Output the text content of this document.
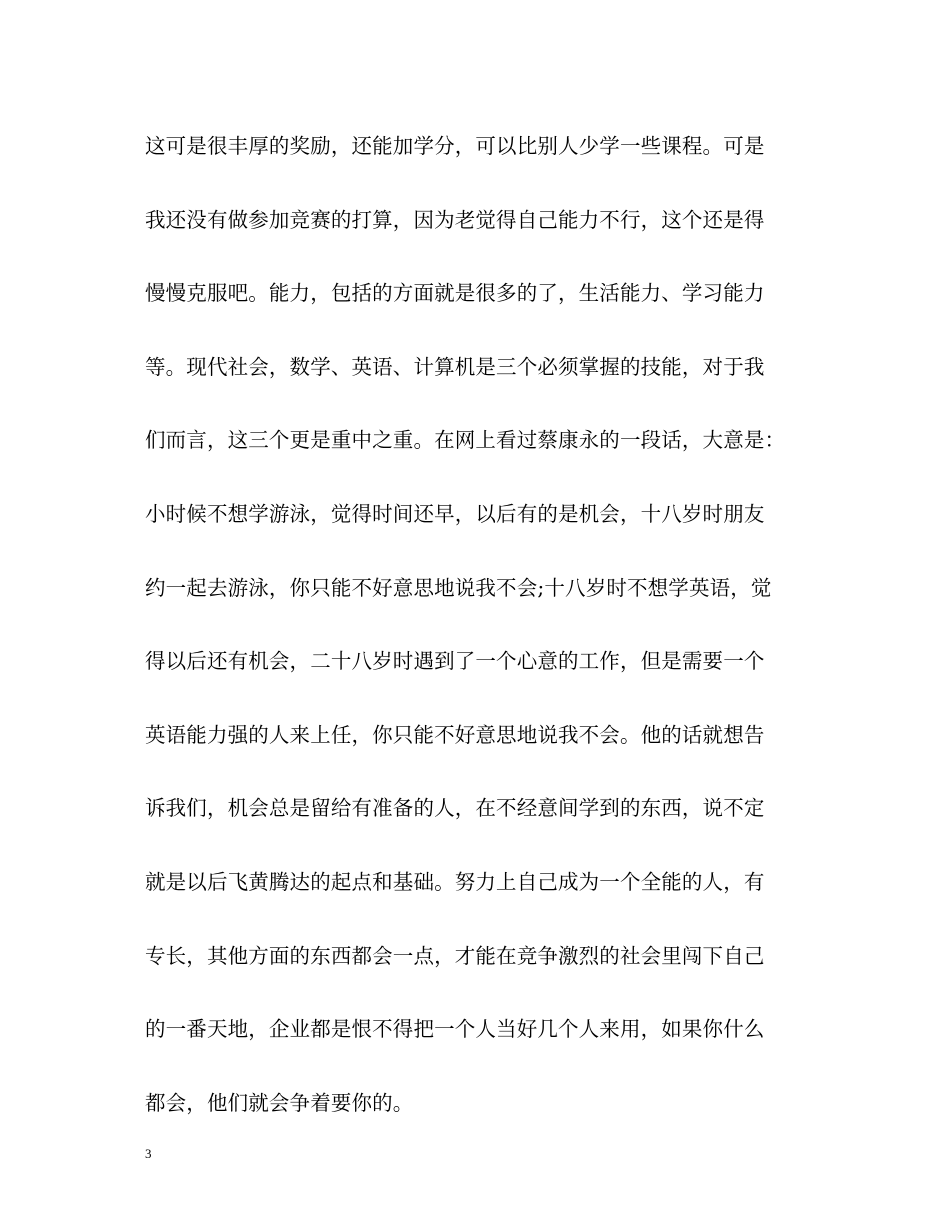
这可是很丰厚的奖励，还能加学分，可以比别人少学一些课程。可是
我还没有做参加竞赛的打算，因为老觉得自己能力不行，这个还是得
慢慢克服吧。能力，包括的方面就是很多的了，生活能力、学习能力
等。现代社会，数学、英语、计算机是三个必须掌握的技能，对于我
们而言，这三个更是重中之重。在网上看过蔡康永的一段话，大意是：
小时候不想学游泳，觉得时间还早，以后有的是机会，十八岁时朋友
约一起去游泳，你只能不好意思地说我不会;十八岁时不想学英语，觉
得以后还有机会，二十八岁时遇到了一个心意的工作，但是需要一个
英语能力强的人来上任，你只能不好意思地说我不会。他的话就想告
诉我们，机会总是留给有准备的人，在不经意间学到的东西，说不定
就是以后飞黄腾达的起点和基础。努力上自己成为一个全能的人，有
专长，其他方面的东西都会一点，才能在竞争激烈的社会里闯下自己
的一番天地，企业都是恨不得把一个人当好几个人来用，如果你什么
都会，他们就会争着要你的。
3
